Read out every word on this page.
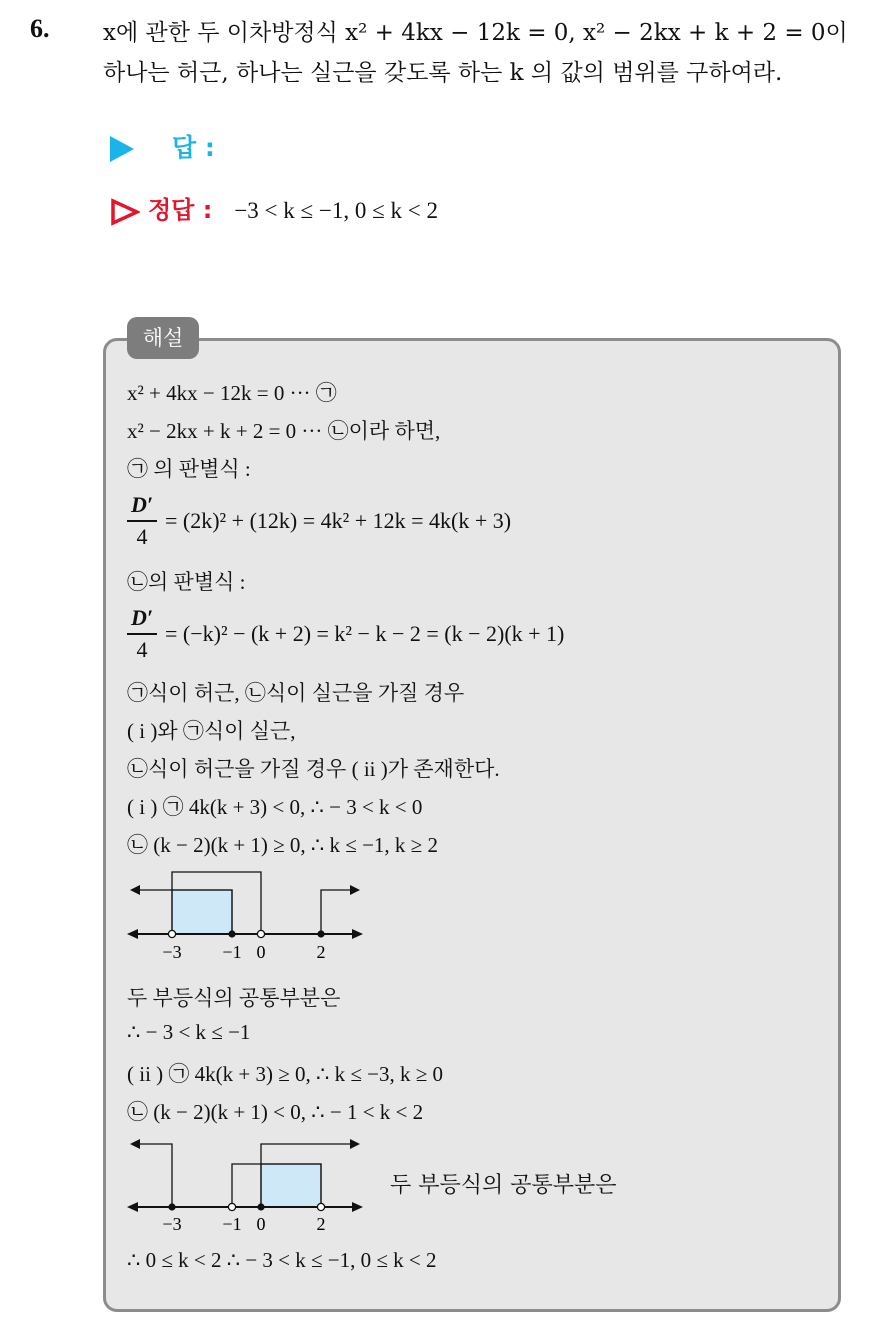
6. x에 관한 두 이차방정식 x² + 4kx − 12k = 0, x² − 2kx + k + 2 = 0이
하나는 허근, 하나는 실근을 갖도록 하는 k 의 값의 범위를 구하여라.
답 :
정답 : −3 < k ≤ −1, 0 ≤ k < 2
해설
x² + 4kx − 12k = 0 ··· ㉠
x² − 2kx + k + 2 = 0 ··· ㉡이라 하면,
㉠ 의 판별식 :
$\frac{D'}{4} = (2k)^2 + (12k) = 4k^2 + 12k = 4k(k + 3)$
㉡의 판별식 :
$\frac{D'}{4} = (-k)^2 - (k + 2) = k^2 - k - 2 = (k - 2)(k + 1)$
㉠식이 허근, ㉡식이 실근을 가질 경우
( i )와 ㉠식이 실근,
㉡식이 허근을 가질 경우 ( ii )가 존재한다.
( i ) ㉠ 4k(k + 3) < 0, ∴ − 3 < k < 0
㉡ (k − 2)(k + 1) ≥ 0, ∴ k ≤ −1, k ≥ 2
−3 −1 0	2
두 부등식의 공통부분은
∴ − 3 < k ≤ −1
( ii ) ㉠ 4k(k + 3) ≥ 0, ∴ k ≤ −3, k ≥ 0
㉡ (k − 2)(k + 1) < 0, ∴ − 1 < k < 2
−3 −1 0	2
두 부등식의 공통부분은
∴ 0 ≤ k < 2 ∴ − 3 < k ≤ −1, 0 ≤ k < 2
